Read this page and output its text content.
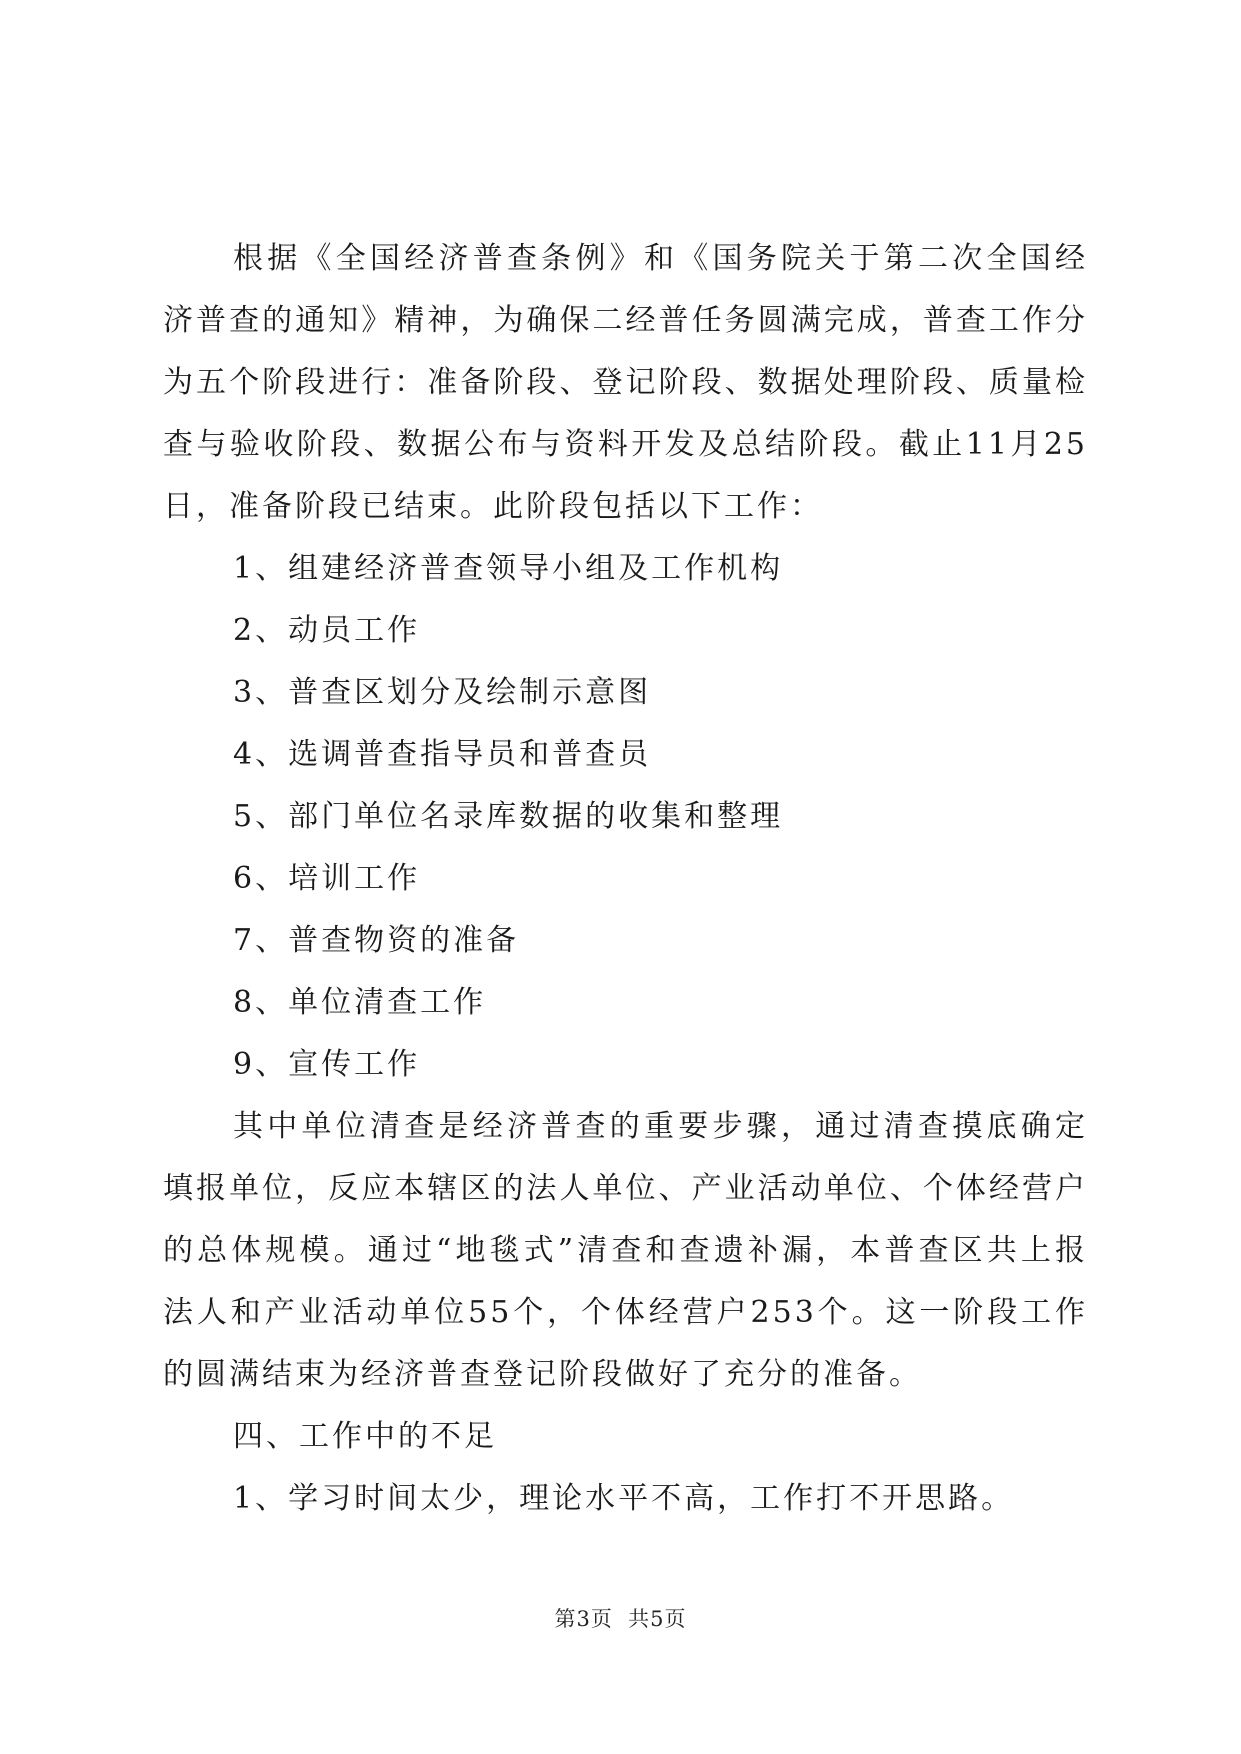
根据《全国经济普查条例》和《国务院关于第二次全国经济普查的通知》精神，为确保二经普任务圆满完成，普查工作分为五个阶段进行：准备阶段、登记阶段、数据处理阶段、质量检查与验收阶段、数据公布与资料开发及总结阶段。截止11月25日，准备阶段已结束。此阶段包括以下工作：

1、组建经济普查领导小组及工作机构

2、动员工作

3、普查区划分及绘制示意图

4、选调普查指导员和普查员

5、部门单位名录库数据的收集和整理

6、培训工作

7、普查物资的准备

8、单位清查工作

9、宣传工作

其中单位清查是经济普查的重要步骤，通过清查摸底确定填报单位，反应本辖区的法人单位、产业活动单位、个体经营户的总体规模。通过“地毯式”清查和查遗补漏，本普查区共上报法人和产业活动单位55个，个体经营户253个。这一阶段工作的圆满结束为经济普查登记阶段做好了充分的准备。

四、工作中的不足

1、学习时间太少，理论水平不高，工作打不开思路。

第3页  共5页
